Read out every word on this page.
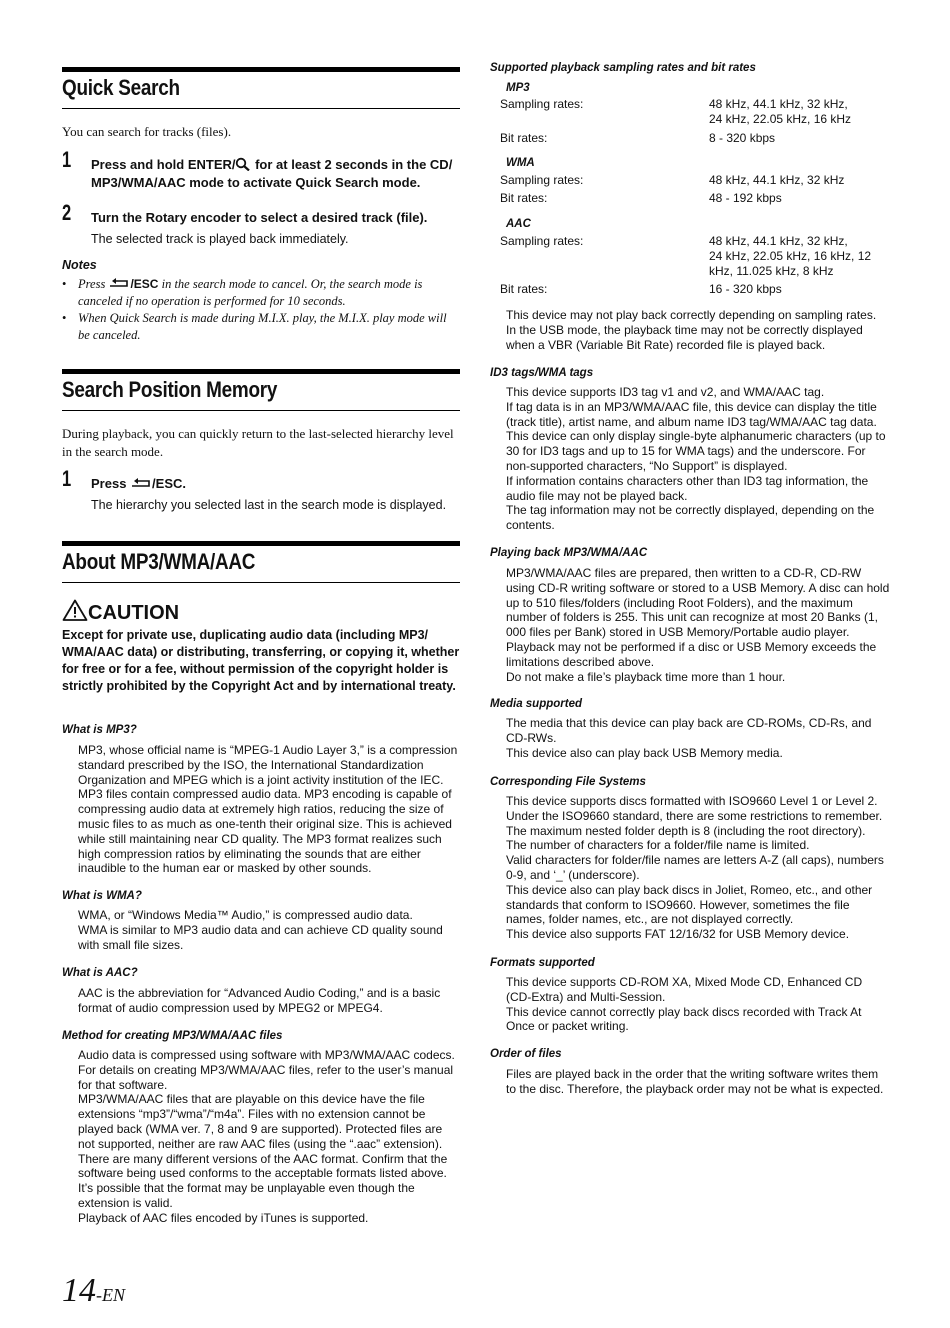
Quick Search
You can search for tracks (files).
1 Press and hold ENTER/ for at least 2 seconds in the CD/
MP3/WMA/AAC mode to activate Quick Search mode.
2 Turn the Rotary encoder to select a desired track (file).
The selected track is played back immediately.
Notes
• Press /ESC in the search mode to cancel. Or, the search mode is canceled if no operation is performed for 10 seconds.
• When Quick Search is made during M.I.X. play, the M.I.X. play mode will be canceled.
Search Position Memory
During playback, you can quickly return to the last-selected hierarchy level in the search mode.
1 Press /ESC.
The hierarchy you selected last in the search mode is displayed.
About MP3/WMA/AAC
CAUTION
Except for private use, duplicating audio data (including MP3/ WMA/AAC data) or distributing, transferring, or copying it, whether for free or for a fee, without permission of the copyright holder is strictly prohibited by the Copyright Act and by international treaty.
What is MP3?
MP3, whose official name is “MPEG-1 Audio Layer 3,” is a compression standard prescribed by the ISO, the International Standardization Organization and MPEG which is a joint activity institution of the IEC. MP3 files contain compressed audio data. MP3 encoding is capable of compressing audio data at extremely high ratios, reducing the size of music files to as much as one-tenth their original size. This is achieved while still maintaining near CD quality. The MP3 format realizes such high compression ratios by eliminating the sounds that are either inaudible to the human ear or masked by other sounds.
What is WMA?
WMA, or “Windows Media™ Audio,” is compressed audio data.
WMA is similar to MP3 audio data and can achieve CD quality sound with small file sizes.
What is AAC?
AAC is the abbreviation for “Advanced Audio Coding,” and is a basic format of audio compression used by MPEG2 or MPEG4.
Method for creating MP3/WMA/AAC files
Audio data is compressed using software with MP3/WMA/AAC codecs. For details on creating MP3/WMA/AAC files, refer to the user’s manual for that software.
MP3/WMA/AAC files that are playable on this device have the file extensions “mp3”/“wma”/“m4a”. Files with no extension cannot be played back (WMA ver. 7, 8 and 9 are supported). Protected files are not supported, neither are raw AAC files (using the “.aac” extension).
There are many different versions of the AAC format. Confirm that the software being used conforms to the acceptable formats listed above. It’s possible that the format may be unplayable even though the extension is valid.
Playback of AAC files encoded by iTunes is supported.
Supported playback sampling rates and bit rates
MP3
Sampling rates:	48 kHz, 44.1 kHz, 32 kHz,
24 kHz, 22.05 kHz, 16 kHz
Bit rates:	8 - 320 kbps
WMA
Sampling rates:	48 kHz, 44.1 kHz, 32 kHz
Bit rates:	48 - 192 kbps
AAC
Sampling rates:	48 kHz, 44.1 kHz, 32 kHz,
24 kHz, 22.05 kHz, 16 kHz, 12
kHz, 11.025 kHz, 8 kHz
Bit rates:	16 - 320 kbps
This device may not play back correctly depending on sampling rates.
In the USB mode, the playback time may not be correctly displayed when a VBR (Variable Bit Rate) recorded file is played back.
ID3 tags/WMA tags
This device supports ID3 tag v1 and v2, and WMA/AAC tag.
If tag data is in an MP3/WMA/AAC file, this device can display the title (track title), artist name, and album name ID3 tag/WMA/AAC tag data.
This device can only display single-byte alphanumeric characters (up to 30 for ID3 tags and up to 15 for WMA tags) and the underscore. For non-supported characters, “No Support” is displayed.
If information contains characters other than ID3 tag information, the audio file may not be played back.
The tag information may not be correctly displayed, depending on the contents.
Playing back MP3/WMA/AAC
MP3/WMA/AAC files are prepared, then written to a CD-R, CD-RW using CD-R writing software or stored to a USB Memory. A disc can hold up to 510 files/folders (including Root Folders), and the maximum number of folders is 255. This unit can recognize at most 20 Banks (1, 000 files per Bank) stored in USB Memory/Portable audio player.
Playback may not be performed if a disc or USB Memory exceeds the limitations described above.
Do not make a file’s playback time more than 1 hour.
Media supported
The media that this device can play back are CD-ROMs, CD-Rs, and CD-RWs.
This device also can play back USB Memory media.
Corresponding File Systems
This device supports discs formatted with ISO9660 Level 1 or Level 2.
Under the ISO9660 standard, there are some restrictions to remember.
The maximum nested folder depth is 8 (including the root directory).
The number of characters for a folder/file name is limited.
Valid characters for folder/file names are letters A-Z (all caps), numbers 0-9, and ‘_’ (underscore).
This device also can play back discs in Joliet, Romeo, etc., and other standards that conform to ISO9660. However, sometimes the file names, folder names, etc., are not displayed correctly.
This device also supports FAT 12/16/32 for USB Memory device.
Formats supported
This device supports CD-ROM XA, Mixed Mode CD, Enhanced CD (CD-Extra) and Multi-Session.
This device cannot correctly play back discs recorded with Track At Once or packet writing.
Order of files
Files are played back in the order that the writing software writes them to the disc. Therefore, the playback order may not be what is expected.
14-EN
